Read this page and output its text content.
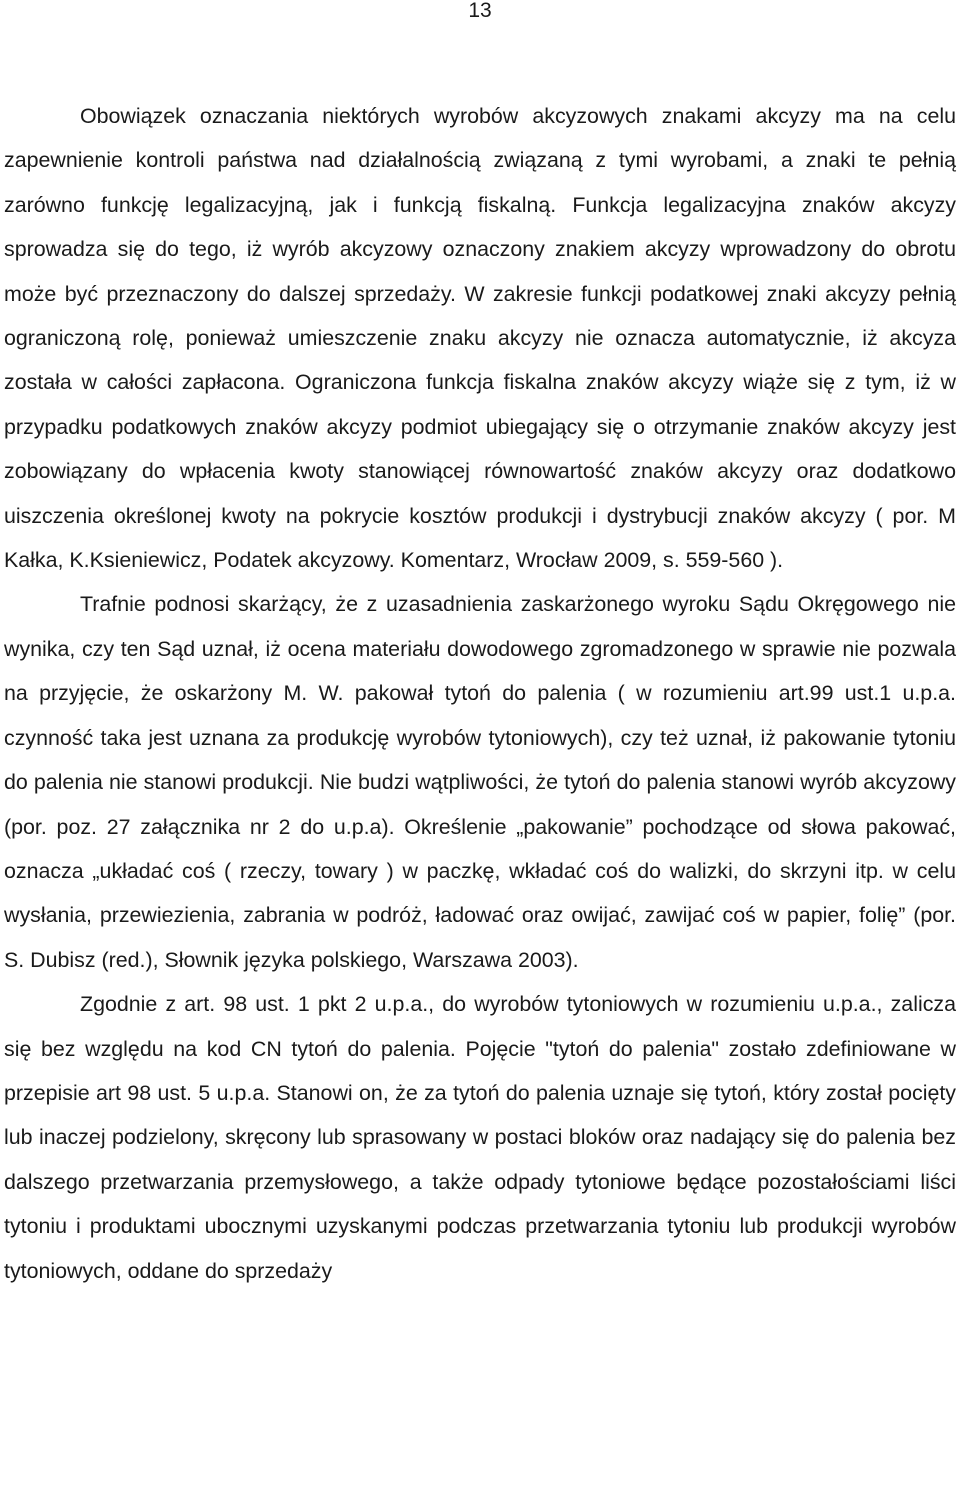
13

Obowiązek oznaczania niektórych wyrobów akcyzowych znakami akcyzy ma na celu zapewnienie kontroli państwa nad działalnością związaną z tymi wyrobami, a znaki te pełnią zarówno funkcję legalizacyjną, jak i funkcją fiskalną. Funkcja legalizacyjna znaków akcyzy sprowadza się do tego, iż wyrób akcyzowy oznaczony znakiem akcyzy wprowadzony do obrotu może być przeznaczony do dalszej sprzedaży. W zakresie funkcji podatkowej znaki akcyzy pełnią ograniczoną rolę, ponieważ umieszczenie znaku akcyzy nie oznacza automatycznie, iż akcyza została w całości zapłacona. Ograniczona funkcja fiskalna znaków akcyzy wiąże się z tym, iż w przypadku podatkowych znaków akcyzy podmiot ubiegający się o otrzymanie znaków akcyzy jest zobowiązany do wpłacenia kwoty stanowiącej równowartość znaków akcyzy oraz dodatkowo uiszczenia określonej kwoty na pokrycie kosztów produkcji i dystrybucji znaków akcyzy ( por. M Kałka, K.Ksieniewicz, Podatek akcyzowy. Komentarz, Wrocław 2009, s. 559-560 ).

Trafnie podnosi skarżący, że z uzasadnienia zaskarżonego wyroku Sądu Okręgowego nie wynika, czy ten Sąd uznał, iż ocena materiału dowodowego zgromadzonego w sprawie nie pozwala na przyjęcie, że oskarżony M. W. pakował tytoń do palenia ( w rozumieniu art.99 ust.1 u.p.a. czynność taka jest uznana za produkcję wyrobów tytoniowych), czy też uznał, iż pakowanie tytoniu do palenia nie stanowi produkcji. Nie budzi wątpliwości, że tytoń do palenia stanowi wyrób akcyzowy (por. poz. 27 załącznika nr 2 do u.p.a). Określenie „pakowanie” pochodzące od słowa pakować, oznacza „układać coś ( rzeczy, towary ) w paczkę, wkładać coś do walizki, do skrzyni itp. w celu wysłania, przewiezienia, zabrania w podróż, ładować oraz owijać, zawijać coś w papier, folię” (por. S. Dubisz (red.), Słownik języka polskiego, Warszawa 2003).

Zgodnie z art. 98 ust. 1 pkt 2 u.p.a., do wyrobów tytoniowych w rozumieniu u.p.a., zalicza się bez względu na kod CN tytoń do palenia. Pojęcie "tytoń do palenia" zostało zdefiniowane w przepisie art 98 ust. 5 u.p.a. Stanowi on, że za tytoń do palenia uznaje się tytoń, który został pocięty lub inaczej podzielony, skręcony lub sprasowany w postaci bloków oraz nadający się do palenia bez dalszego przetwarzania przemysłowego, a także odpady tytoniowe będące pozostałościami liści tytoniu i produktami ubocznymi uzyskanymi podczas przetwarzania tytoniu lub produkcji wyrobów tytoniowych, oddane do sprzedaży
